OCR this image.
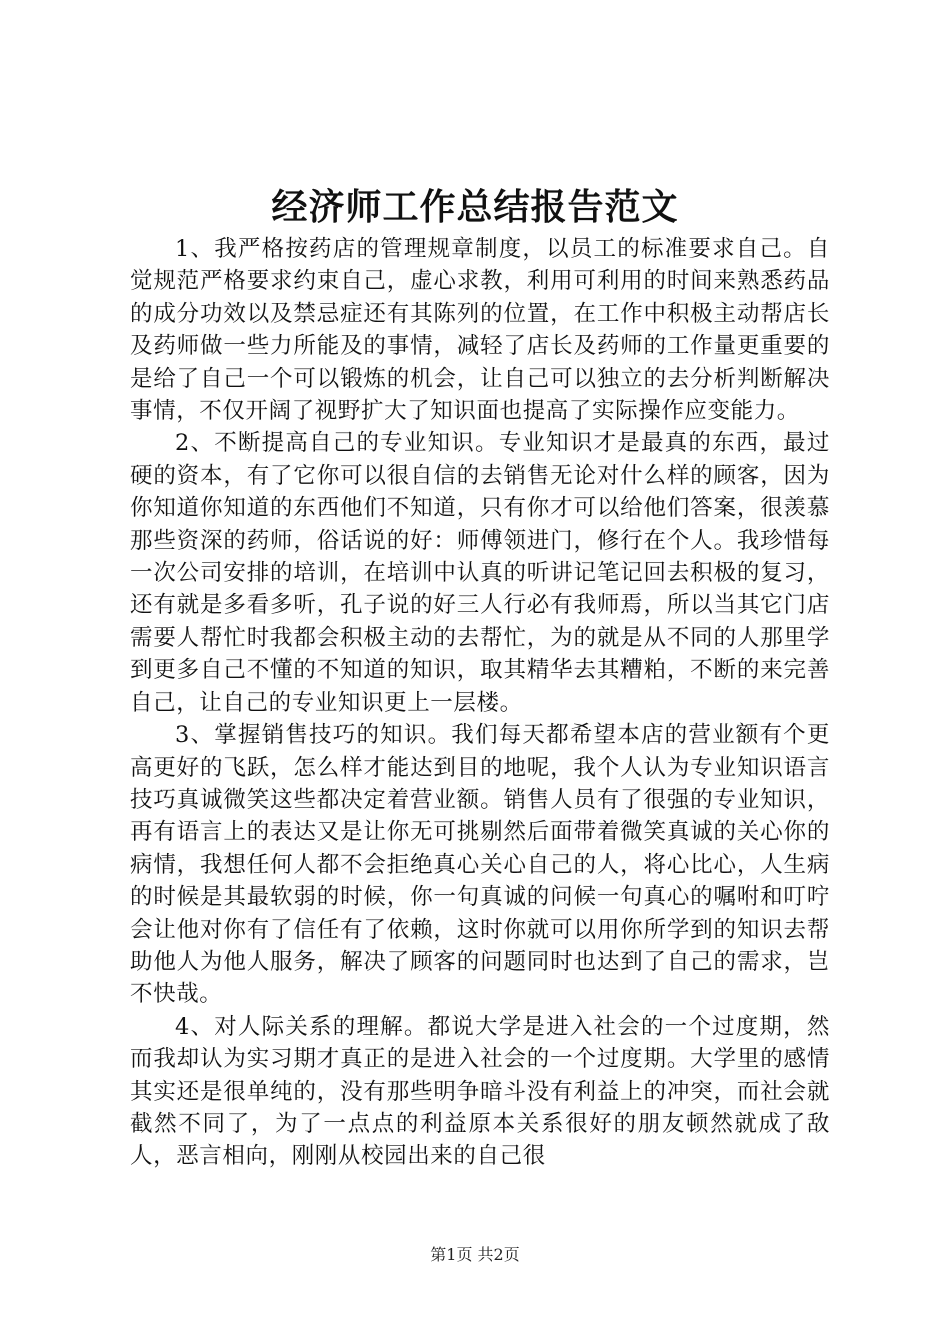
经济师工作总结报告范文

1、我严格按药店的管理规章制度，以员工的标准要求自己。自觉规范严格要求约束自己，虚心求教，利用可利用的时间来熟悉药品的成分功效以及禁忌症还有其陈列的位置，在工作中积极主动帮店长及药师做一些力所能及的事情，减轻了店长及药师的工作量更重要的是给了自己一个可以锻炼的机会，让自己可以独立的去分析判断解决事情，不仅开阔了视野扩大了知识面也提高了实际操作应变能力。

2、不断提高自己的专业知识。专业知识才是最真的东西，最过硬的资本，有了它你可以很自信的去销售无论对什么样的顾客，因为你知道你知道的东西他们不知道，只有你才可以给他们答案，很羡慕那些资深的药师，俗话说的好：师傅领进门，修行在个人。我珍惜每一次公司安排的培训，在培训中认真的听讲记笔记回去积极的复习，还有就是多看多听，孔子说的好三人行必有我师焉，所以当其它门店需要人帮忙时我都会积极主动的去帮忙，为的就是从不同的人那里学到更多自己不懂的不知道的知识，取其精华去其糟粕，不断的来完善自己，让自己的专业知识更上一层楼。

3、掌握销售技巧的知识。我们每天都希望本店的营业额有个更高更好的飞跃，怎么样才能达到目的地呢，我个人认为专业知识语言技巧真诚微笑这些都决定着营业额。销售人员有了很强的专业知识，再有语言上的表达又是让你无可挑剔然后面带着微笑真诚的关心你的病情，我想任何人都不会拒绝真心关心自己的人，将心比心，人生病的时候是其最软弱的时候，你一句真诚的问候一句真心的嘱咐和叮咛会让他对你有了信任有了依赖，这时你就可以用你所学到的知识去帮助他人为他人服务，解决了顾客的问题同时也达到了自己的需求，岂不快哉。

4、对人际关系的理解。都说大学是进入社会的一个过度期，然而我却认为实习期才真正的是进入社会的一个过度期。大学里的感情其实还是很单纯的，没有那些明争暗斗没有利益上的冲突，而社会就截然不同了，为了一点点的利益原本关系很好的朋友顿然就成了敌人，恶言相向，刚刚从校园出来的自己很

第1页 共2页
